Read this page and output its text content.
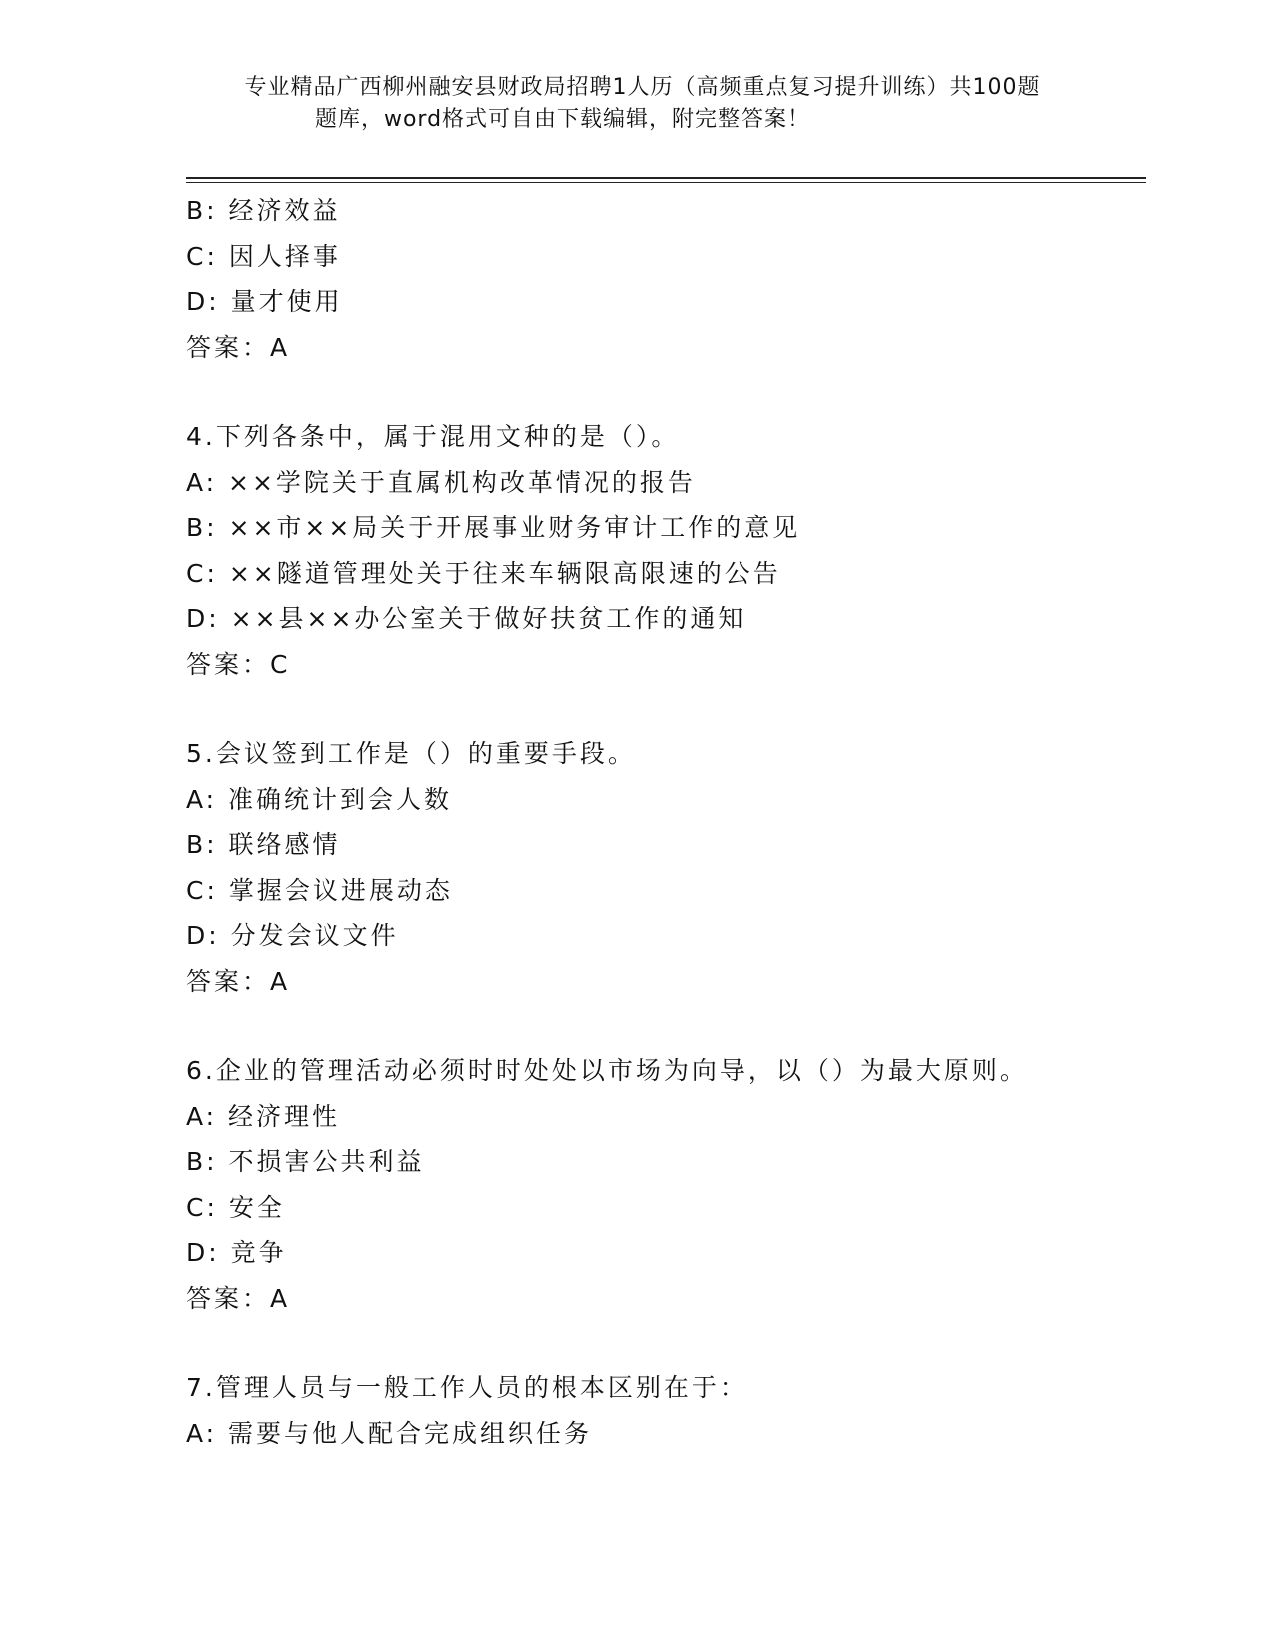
专业精品广西柳州融安县财政局招聘1人历（高频重点复习提升训练）共100题
题库，word格式可自由下载编辑，附完整答案！
B: 经济效益
C: 因人择事
D: 量才使用
答案：A
4.下列各条中，属于混用文种的是（）。
A: ××学院关于直属机构改革情况的报告
B: ××市××局关于开展事业财务审计工作的意见
C: ××隧道管理处关于往来车辆限高限速的公告
D: ××县××办公室关于做好扶贫工作的通知
答案：C
5.会议签到工作是（）的重要手段。
A: 准确统计到会人数
B: 联络感情
C: 掌握会议进展动态
D: 分发会议文件
答案：A
6.企业的管理活动必须时时处处以市场为向导，以（）为最大原则。
A: 经济理性
B: 不损害公共利益
C: 安全
D: 竞争
答案：A
7.管理人员与一般工作人员的根本区别在于：
A: 需要与他人配合完成组织任务
